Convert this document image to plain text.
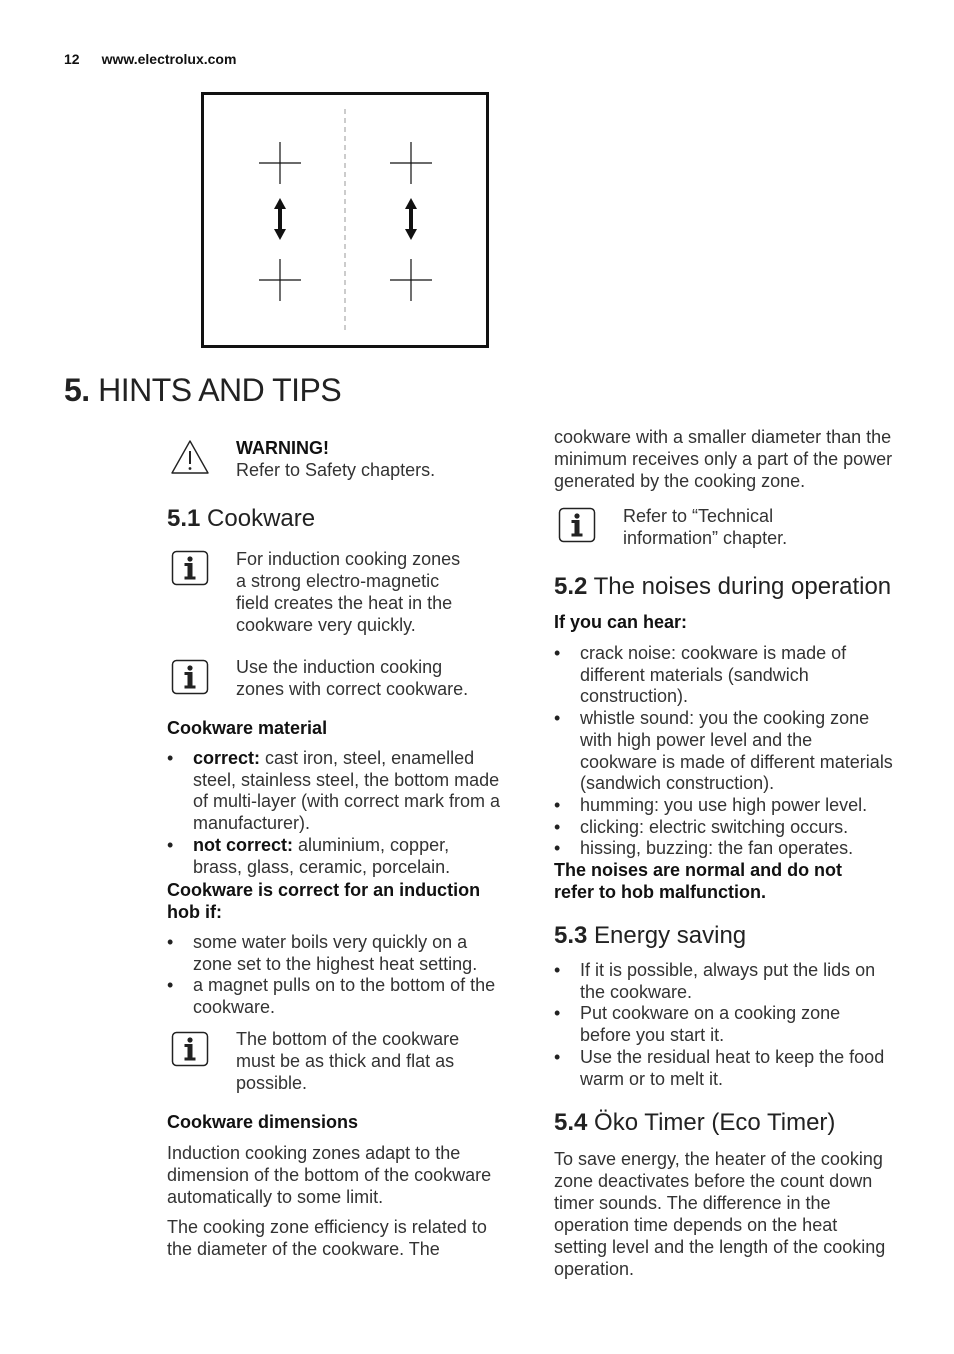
12 www.electrolux.com
5. HINTS AND TIPS
WARNING!
Refer to Safety chapters.
5.1 Cookware
For induction cooking zones
a strong electro-magnetic
field creates the heat in the
cookware very quickly.
Use the induction cooking
zones with correct cookware.
Cookware material
• correct: cast iron, steel, enamelled
steel, stainless steel, the bottom made
of multi-layer (with correct mark from a
manufacturer).
• not correct: aluminium, copper,
brass, glass, ceramic, porcelain.
Cookware is correct for an induction
hob if:
• some water boils very quickly on a
zone set to the highest heat setting.
• a magnet pulls on to the bottom of the
cookware.
The bottom of the cookware
must be as thick and flat as
possible.
Cookware dimensions
Induction cooking zones adapt to the
dimension of the bottom of the cookware
automatically to some limit.
The cooking zone efficiency is related to
the diameter of the cookware. The
cookware with a smaller diameter than the
minimum receives only a part of the power
generated by the cooking zone.
Refer to “Technical
information” chapter.
5.2 The noises during operation
If you can hear:
• crack noise: cookware is made of
different materials (sandwich
construction).
• whistle sound: you the cooking zone
with high power level and the
cookware is made of different materials
(sandwich construction).
• humming: you use high power level.
• clicking: electric switching occurs.
• hissing, buzzing: the fan operates.
The noises are normal and do not
refer to hob malfunction.
5.3 Energy saving
• If it is possible, always put the lids on
the cookware.
• Put cookware on a cooking zone
before you start it.
• Use the residual heat to keep the food
warm or to melt it.
5.4 Öko Timer (Eco Timer)
To save energy, the heater of the cooking
zone deactivates before the count down
timer sounds. The difference in the
operation time depends on the heat
setting level and the length of the cooking
operation.
